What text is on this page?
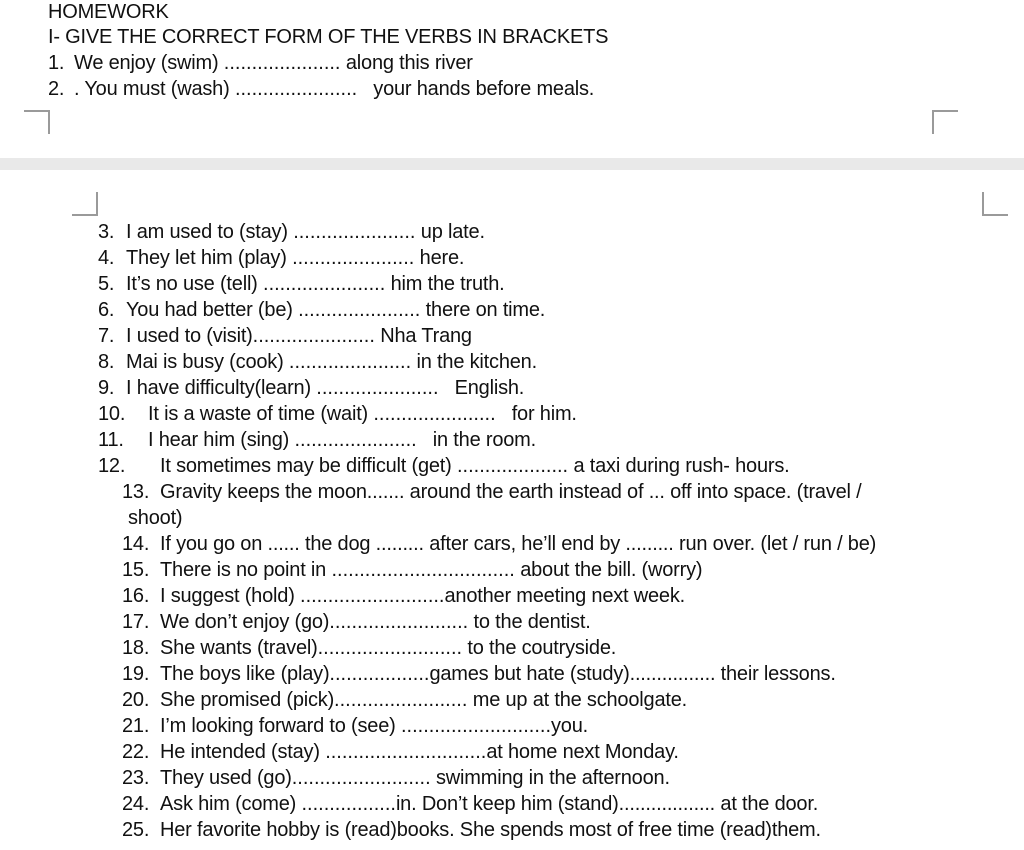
HOMEWORK
I- GIVE THE CORRECT FORM OF THE VERBS IN BRACKETS
1. We enjoy (swim) ..................... along this river
2. . You must (wash) ...................... your hands before meals.
3. I am used to (stay) ...................... up late.
4. They let him (play) ...................... here.
5. It’s no use (tell) ...................... him the truth.
6. You had better (be) ...................... there on time.
7. I used to (visit)...................... Nha Trang
8. Mai is busy (cook) ...................... in the kitchen.
9. I have difficulty(learn) ...................... English.
10. It is a waste of time (wait) ...................... for him.
11. I hear him (sing) ...................... in the room.
12. It sometimes may be difficult (get) .................... a taxi during rush- hours.
13. Gravity keeps the moon....... around the earth instead of ... off into space. (travel /
shoot)
14. If you go on ...... the dog ......... after cars, he’ll end by ......... run over. (let / run / be)
15. There is no point in ................................. about the bill. (worry)
16. I suggest (hold) ..........................another meeting next week.
17. We don’t enjoy (go)......................... to the dentist.
18. She wants (travel).......................... to the coutryside.
19. The boys like (play)..................games but hate (study)................ their lessons.
20. She promised (pick)........................ me up at the schoolgate.
21. I’m looking forward to (see) ...........................you.
22. He intended (stay) .............................at home next Monday.
23. They used (go)......................... swimming in the afternoon.
24. Ask him (come) .................in. Don’t keep him (stand).................. at the door.
25. Her favorite hobby is (read)books. She spends most of free time (read)them.
